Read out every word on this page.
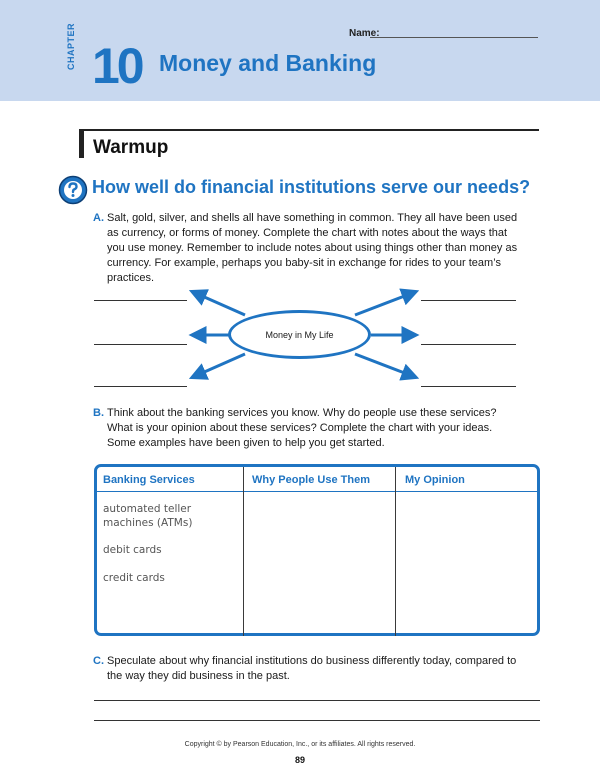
Name:
CHAPTER 10 Money and Banking
Warmup
How well do financial institutions serve our needs?
A. Salt, gold, silver, and shells all have something in common. They all have been used as currency, or forms of money. Complete the chart with notes about the ways that you use money. Remember to include notes about using things other than money as currency. For example, perhaps you baby-sit in exchange for rides to your team’s practices.
Money in My Life
B. Think about the banking services you know. Why do people use these services? What is your opinion about these services? Complete the chart with your ideas. Some examples have been given to help you get started.
Banking Services	Why People Use Them	My Opinion
automated teller machines (ATMs)
debit cards
credit cards
C. Speculate about why financial institutions do business differently today, compared to the way they did business in the past.
Copyright © by Pearson Education, Inc., or its affiliates. All rights reserved.
89
